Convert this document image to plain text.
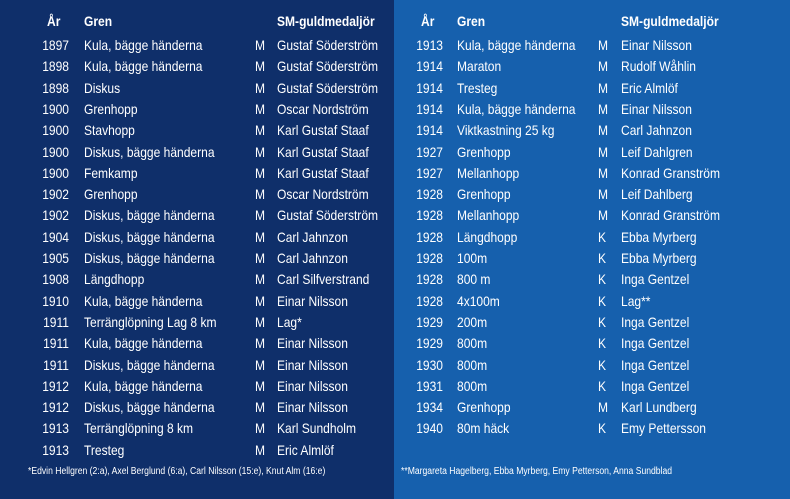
År Gren	SM-guldmedaljör
1897 Kula, bägge händerna	M Gustaf Söderström
1898 Kula, bägge händerna	M Gustaf Söderström
1898 Diskus	M Gustaf Söderström
1900 Grenhopp	M Oscar Nordström
1900 Stavhopp	M Karl Gustaf Staaf
1900 Diskus, bägge händerna	M Karl Gustaf Staaf
1900 Femkamp	M Karl Gustaf Staaf
1902 Grenhopp	M Oscar Nordström
1902 Diskus, bägge händerna	M Gustaf Söderström
1904 Diskus, bägge händerna	M Carl Jahnzon
1905 Diskus, bägge händerna	M Carl Jahnzon
1908 Längdhopp	M Carl Silfverstrand
1910 Kula, bägge händerna	M Einar Nilsson
1911 Terränglöpning Lag 8 km	M Lag*
1911 Kula, bägge händerna	M Einar Nilsson
1911 Diskus, bägge händerna	M Einar Nilsson
1912 Kula, bägge händerna	M Einar Nilsson
1912 Diskus, bägge händerna	M Einar Nilsson
1913 Terränglöpning 8 km	M Karl Sundholm
1913 Tresteg	M Eric Almlöf
*Edvin Hellgren (2:a), Axel Berglund (6:a), Carl Nilsson (15:e), Knut Alm (16:e)
År Gren	SM-guldmedaljör
1913 Kula, bägge händerna M Einar Nilsson
1914 Maraton	M Rudolf Wåhlin
1914 Tresteg	M Eric Almlöf
1914 Kula, bägge händerna M Einar Nilsson
1914 Viktkastning 25 kg	M Carl Jahnzon
1927 Grenhopp	M Leif Dahlgren
1927 Mellanhopp	M Konrad Granström
1928 Grenhopp	M Leif Dahlberg
1928 Mellanhopp	M Konrad Granström
1928 Längdhopp	K Ebba Myrberg
1928 100m	K Ebba Myrberg
1928 800 m	K Inga Gentzel
1928 4x100m	K Lag**
1929 200m	K Inga Gentzel
1929 800m	K Inga Gentzel
1930 800m	K Inga Gentzel
1931 800m	K Inga Gentzel
1934 Grenhopp	M Karl Lundberg
1940 80m häck	K Emy Pettersson
**Margareta Hagelberg, Ebba Myrberg, Emy Petterson, Anna Sundblad
